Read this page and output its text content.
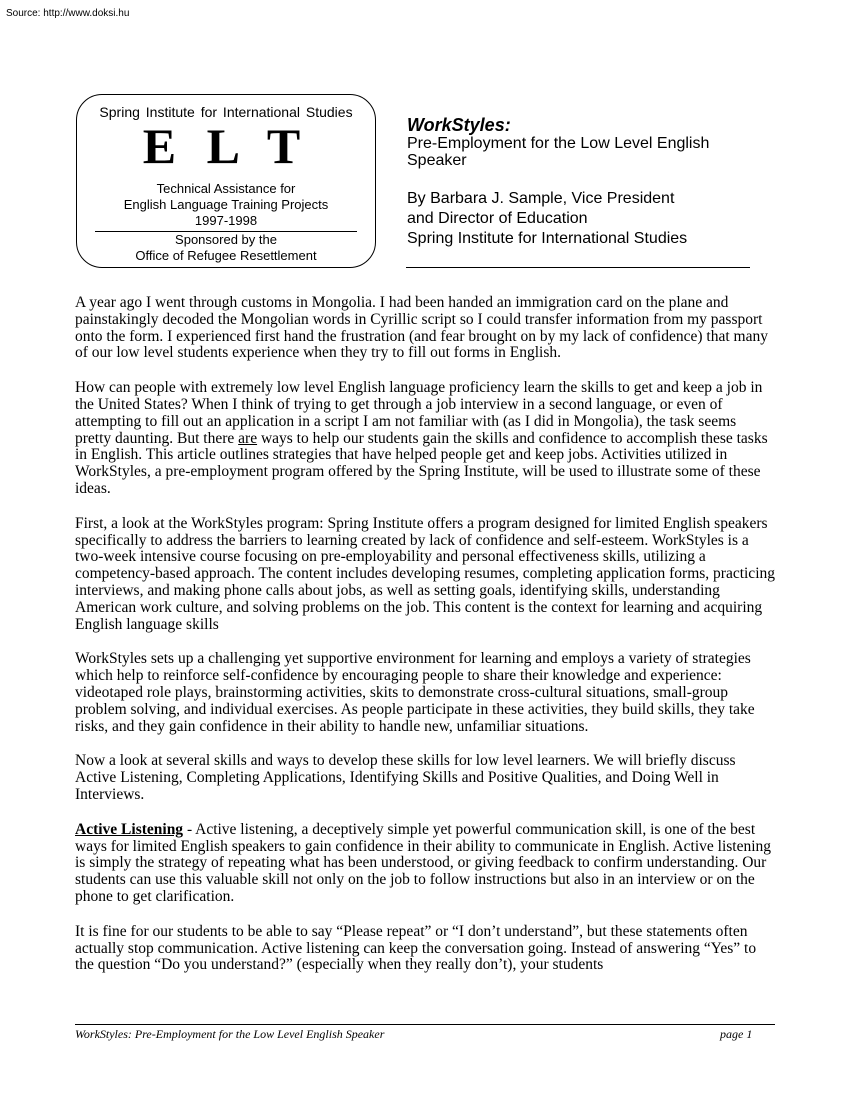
Source: http://www.doksi.hu
Spring Institute for International Studies
E L T
Technical Assistance for
English Language Training Projects
1997-1998
Sponsored by the
Office of Refugee Resettlement
WorkStyles:
Pre-Employment for the Low Level English
Speaker
By Barbara J. Sample, Vice President
and Director of Education
Spring Institute for International Studies

A year ago I went through customs in Mongolia. I had been handed an immigration card on the plane and painstakingly decoded the Mongolian words in Cyrillic script so I could transfer information from my passport onto the form. I experienced first hand the frustration (and fear brought on by my lack of confidence) that many of our low level students experience when they try to fill out forms in English.

How can people with extremely low level English language proficiency learn the skills to get and keep a job in the United States? When I think of trying to get through a job interview in a second language, or even of attempting to fill out an application in a script I am not familiar with (as I did in Mongolia), the task seems pretty daunting. But there are ways to help our students gain the skills and confidence to accomplish these tasks in English. This article outlines strategies that have helped people get and keep jobs. Activities utilized in WorkStyles, a pre-employment program offered by the Spring Institute, will be used to illustrate some of these ideas.

First, a look at the WorkStyles program: Spring Institute offers a program designed for limited English speakers specifically to address the barriers to learning created by lack of confidence and self-esteem. WorkStyles is a two-week intensive course focusing on pre-employability and personal effectiveness skills, utilizing a competency-based approach. The content includes developing resumes, completing application forms, practicing interviews, and making phone calls about jobs, as well as setting goals, identifying skills, understanding American work culture, and solving problems on the job. This content is the context for learning and acquiring English language skills

WorkStyles sets up a challenging yet supportive environment for learning and employs a variety of strategies which help to reinforce self-confidence by encouraging people to share their knowledge and experience: videotaped role plays, brainstorming activities, skits to demonstrate cross-cultural situations, small-group problem solving, and individual exercises. As people participate in these activities, they build skills, they take risks, and they gain confidence in their ability to handle new, unfamiliar situations.

Now a look at several skills and ways to develop these skills for low level learners. We will briefly discuss Active Listening, Completing Applications, Identifying Skills and Positive Qualities, and Doing Well in Interviews.

Active Listening - Active listening, a deceptively simple yet powerful communication skill, is one of the best ways for limited English speakers to gain confidence in their ability to communicate in English. Active listening is simply the strategy of repeating what has been understood, or giving feedback to confirm understanding. Our students can use this valuable skill not only on the job to follow instructions but also in an interview or on the phone to get clarification.

It is fine for our students to be able to say “Please repeat” or “I don’t understand”, but these statements often actually stop communication. Active listening can keep the conversation going. Instead of answering “Yes” to the question “Do you understand?” (especially when they really don’t), your students

WorkStyles: Pre-Employment for the Low Level English Speaker	page 1
